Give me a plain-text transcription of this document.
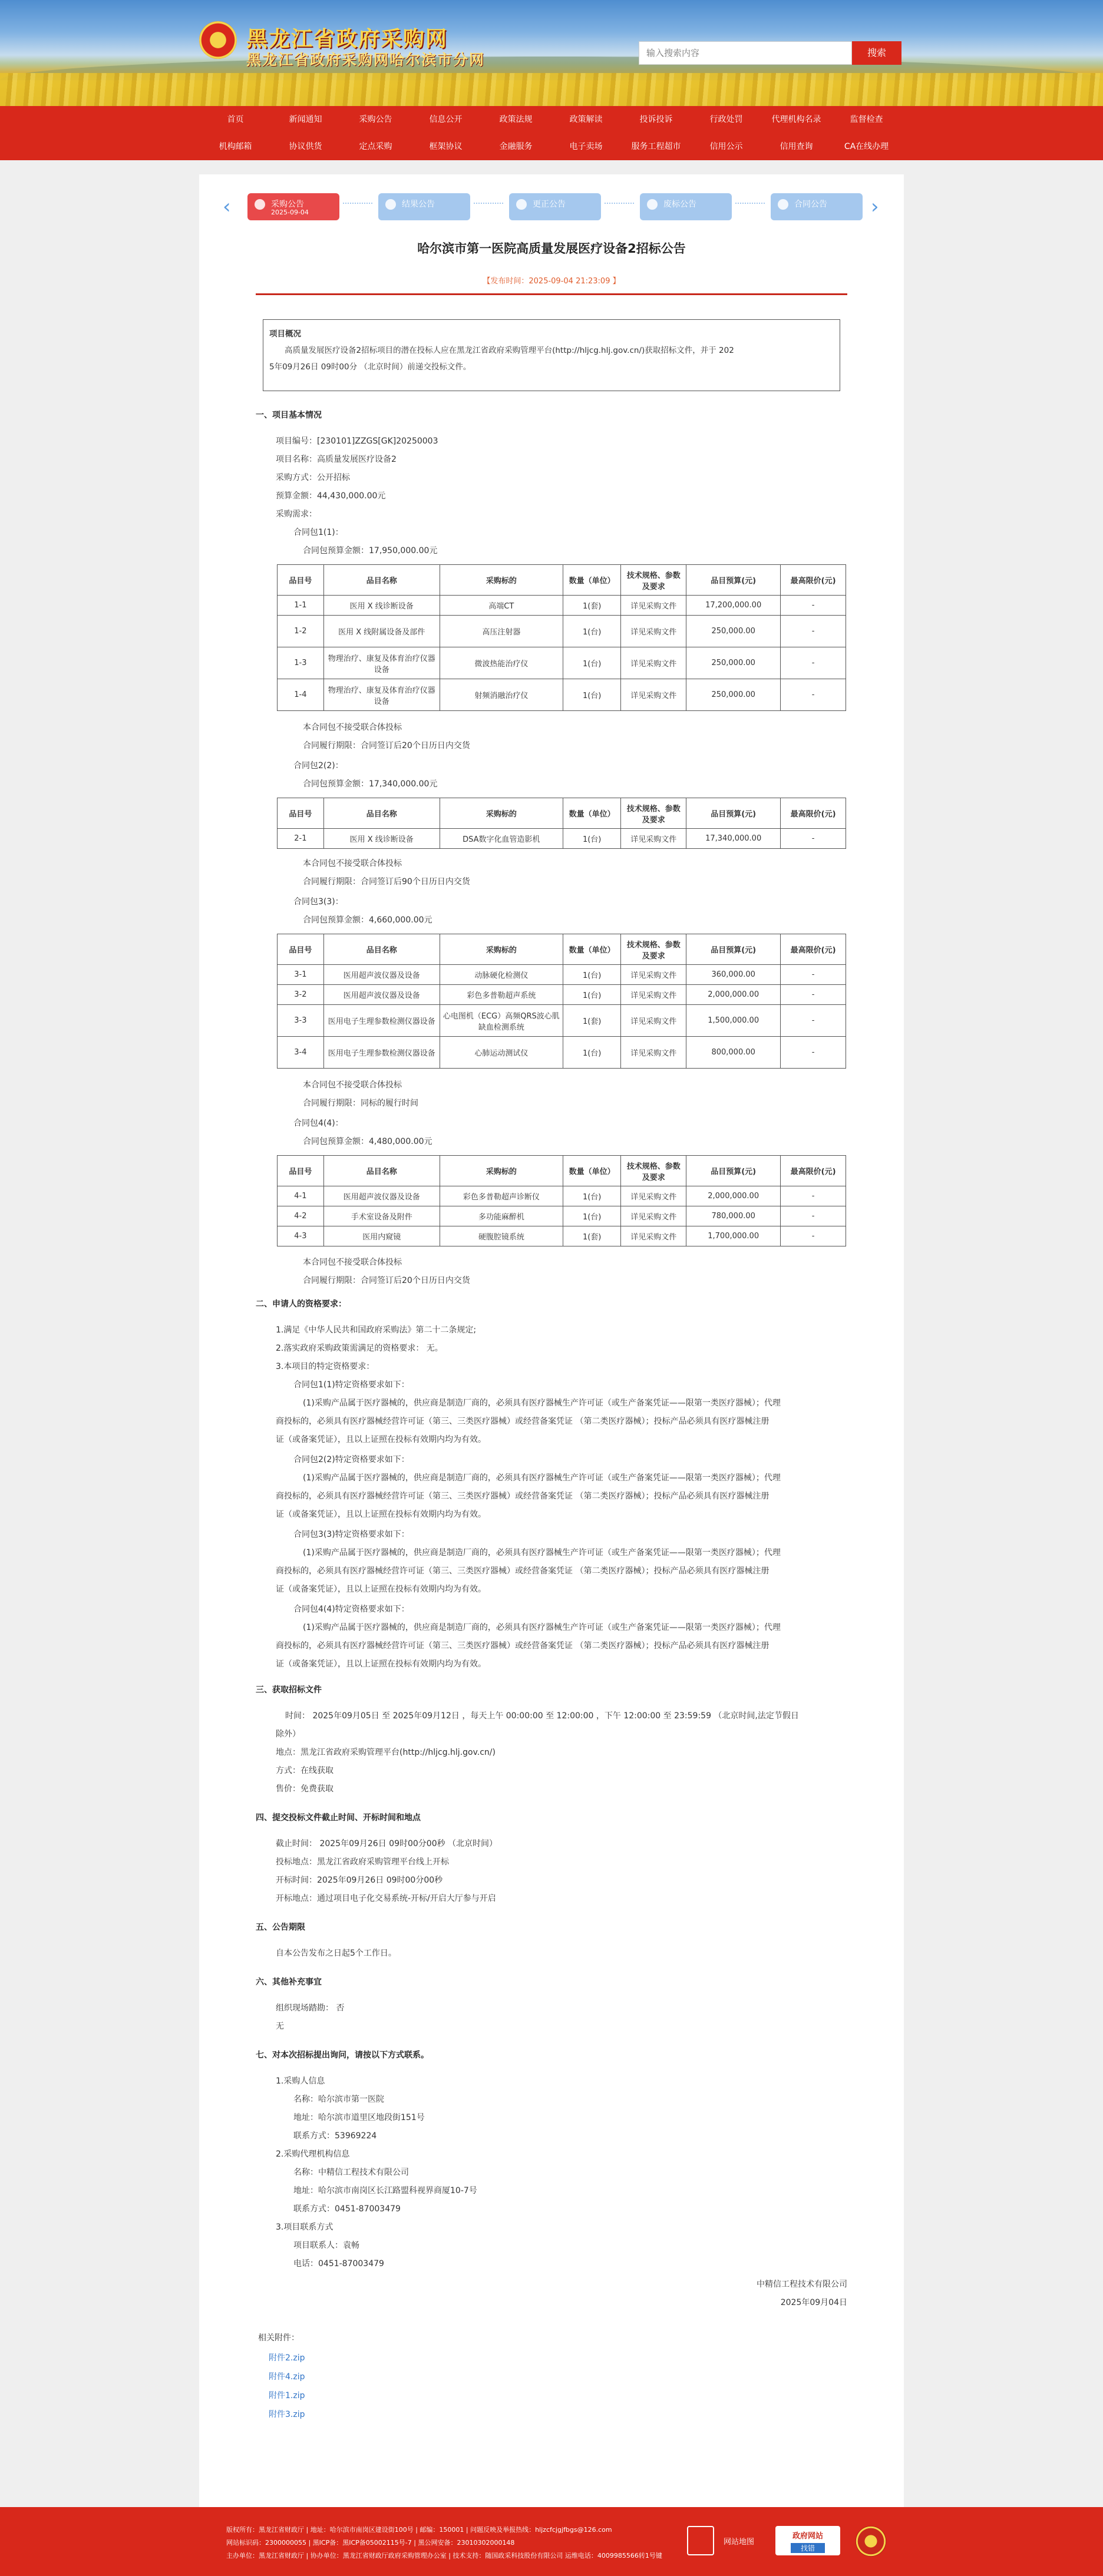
黑龙江省政府采购网
黑龙江省政府采购网哈尔滨市分网
输入搜索内容	搜索
首页	新闻通知	采购公告	信息公开	政策法规	政策解读	投诉投诉	行政处罚	代理机构名录	监督检查
机构邮箱	协议供货	定点采购	框架协议	金融服务	电子卖场	服务工程超市	信用公示	信用查询	CA在线办理
‹	采购公告
2025-09-04
结果公告	更正公告	废标公告	合同公告 ›
哈尔滨市第一医院高质量发展医疗设备2招标公告
【发布时间：2025-09-04 21:23:09 】
项目概况
高质量发展医疗设备2招标项目的潜在投标人应在黑龙江省政府采购管理平台(http://hljcg.hlj.gov.cn/)获取招标文件，并于 202
5年09月26日 09时00分 （北京时间）前递交投标文件。
一、项目基本情况
项目编号：[230101]ZZGS[GK]20250003
项目名称：高质量发展医疗设备2
采购方式：公开招标
预算金额：44,430,000.00元
采购需求：
合同包1(1)：
合同包预算金额：17,950,000.00元
品目号	品目名称	采购标的	数量（单位）	技术规格、参数及要求	品目预算(元)	最高限价(元)
1-1	医用 X 线诊断设备	高端CT	1(套)	详见采购文件	17,200,000.00	-
1-2	医用 X 线附属设备及部件	高压注射器	1(台)	详见采购文件	250,000.00	-
1-3	物理治疗、康复及体育治疗仪器设备	微波热能治疗仪	1(台)	详见采购文件	250,000.00	-
1-4	物理治疗、康复及体育治疗仪器设备	射频消融治疗仪	1(台)	详见采购文件	250,000.00	-
本合同包不接受联合体投标
合同履行期限：合同签订后20个日历日内交货
合同包2(2)：
合同包预算金额：17,340,000.00元
品目号	品目名称	采购标的	数量（单位）	技术规格、参数及要求	品目预算(元)	最高限价(元)
2-1	医用 X 线诊断设备	DSA数字化血管造影机	1(台)	详见采购文件	17,340,000.00	-
本合同包不接受联合体投标
合同履行期限：合同签订后90个日历日内交货
合同包3(3)：
合同包预算金额：4,660,000.00元
品目号	品目名称	采购标的	数量（单位）	技术规格、参数及要求	品目预算(元)	最高限价(元)
3-1	医用超声波仪器及设备	动脉硬化检测仪	1(台)	详见采购文件	360,000.00	-
3-2	医用超声波仪器及设备	彩色多普勒超声系统	1(台)	详见采购文件	2,000,000.00	-
3-3	医用电子生理参数检测仪器设备	心电图机（ECG）高频QRS波心肌缺血检测系统	1(套)	详见采购文件	1,500,000.00	-
3-4	医用电子生理参数检测仪器设备	心肺运动测试仪	1(台)	详见采购文件	800,000.00	-
本合同包不接受联合体投标
合同履行期限：同标的履行时间
合同包4(4)：
合同包预算金额：4,480,000.00元
品目号	品目名称	采购标的	数量（单位）	技术规格、参数及要求	品目预算(元)	最高限价(元)
4-1	医用超声波仪器及设备	彩色多普勒超声诊断仪	1(台)	详见采购文件	2,000,000.00	-
4-2	手术室设备及附件	多功能麻醉机	1(台)	详见采购文件	780,000.00	-
4-3	医用内窥镜	硬腹腔镜系统	1(套)	详见采购文件	1,700,000.00	-
本合同包不接受联合体投标
合同履行期限：合同签订后20个日历日内交货
二、申请人的资格要求：
1.满足《中华人民共和国政府采购法》第二十二条规定;
2.落实政府采购政策需满足的资格要求： 无。
3.本项目的特定资格要求：
合同包1(1)特定资格要求如下：
(1)采购产品属于医疗器械的，供应商是制造厂商的，必须具有医疗器械生产许可证（或生产备案凭证——限第一类医疗器械）；代理
商投标的，必须具有医疗器械经营许可证（第三、三类医疗器械）或经营备案凭证 （第二类医疗器械）；投标产品必须具有医疗器械注册
证（或备案凭证），且以上证照在投标有效期内均为有效。
合同包2(2)特定资格要求如下：
(1)采购产品属于医疗器械的，供应商是制造厂商的，必须具有医疗器械生产许可证（或生产备案凭证——限第一类医疗器械）；代理
商投标的，必须具有医疗器械经营许可证（第三、三类医疗器械）或经营备案凭证 （第二类医疗器械）；投标产品必须具有医疗器械注册
证（或备案凭证），且以上证照在投标有效期内均为有效。
合同包3(3)特定资格要求如下：
(1)采购产品属于医疗器械的，供应商是制造厂商的，必须具有医疗器械生产许可证（或生产备案凭证——限第一类医疗器械）；代理
商投标的，必须具有医疗器械经营许可证（第三、三类医疗器械）或经营备案凭证 （第二类医疗器械）；投标产品必须具有医疗器械注册
证（或备案凭证），且以上证照在投标有效期内均为有效。
合同包4(4)特定资格要求如下：
(1)采购产品属于医疗器械的，供应商是制造厂商的，必须具有医疗器械生产许可证（或生产备案凭证——限第一类医疗器械）；代理
商投标的，必须具有医疗器械经营许可证（第三、三类医疗器械）或经营备案凭证 （第二类医疗器械）；投标产品必须具有医疗器械注册
证（或备案凭证），且以上证照在投标有效期内均为有效。
三、获取招标文件
时间： 2025年09月05日 至 2025年09月12日 ，每天上午 00:00:00 至 12:00:00 ，下午 12:00:00 至 23:59:59 （北京时间,法定节假日
除外）
地点：黑龙江省政府采购管理平台(http://hljcg.hlj.gov.cn/)
方式：在线获取
售价：免费获取
四、提交投标文件截止时间、开标时间和地点
截止时间： 2025年09月26日 09时00分00秒 （北京时间）
投标地点：黑龙江省政府采购管理平台线上开标
开标时间：2025年09月26日 09时00分00秒
开标地点：通过项目电子化交易系统-开标/开启大厅参与开启
五、公告期限
自本公告发布之日起5个工作日。
六、其他补充事宜
组织现场踏勘： 否
无
七、对本次招标提出询问，请按以下方式联系。
1.采购人信息
名称：哈尔滨市第一医院
地址：哈尔滨市道里区地段街151号
联系方式：53969224
2.采购代理机构信息
名称：中精信工程技术有限公司
地址：哈尔滨市南岗区长江路盟科视界商厦10-7号
联系方式：0451-87003479
3.项目联系方式
项目联系人：袁畅
电话：0451-87003479
中精信工程技术有限公司
2025年09月04日
相关附件：
附件2.zip
附件4.zip
附件1.zip
附件3.zip
版权所有：黑龙江省财政厅 | 地址：哈尔滨市南岗区建设街100号 | 邮编：150001 | 问题反映及举报热线：hljzcfcjgjfbgs@126.com
网站标识码：2300000055 | 黑ICP备：黑ICP备05002115号-7 | 黑公网安备：23010302000148
主办单位：黑龙江省财政厅 | 协办单位：黑龙江省财政厅政府采购管理办公室 | 技术支持：随国政采科技股份有限公司 运维电话：4009985566转1号键
网站地图
政府网站
找错
